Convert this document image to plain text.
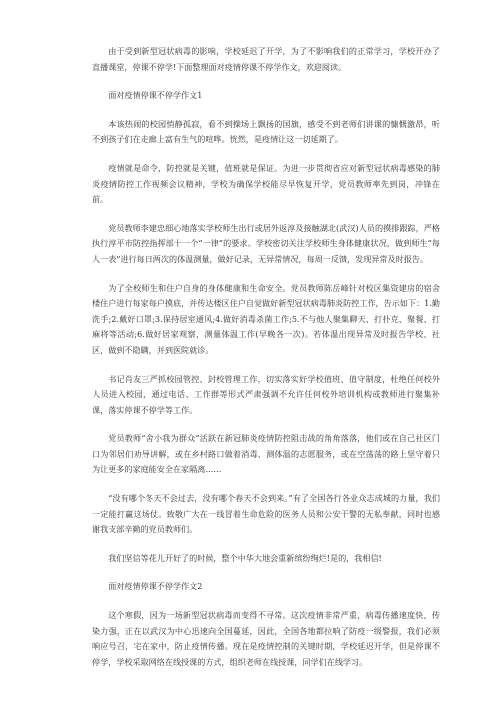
由于受到新型冠状病毒的影响，学校延迟了开学，为了不影响我们的正常学习，学校开办了直播课堂，停课不停学!下面整理面对疫情停课不停学作文，欢迎阅读。

面对疫情停课不停学作文1

本该热闹的校园悄静孤寂，看不到操场上飘扬的国旗，感受不到老师们讲课的慷慨激昂，听不到孩子们在走廊上富有生气的喧哗。恍然，是疫情让这一切延期了。

疫情就是命令，防控就是关键，值班就是保证。为进一步贯彻省应对新型冠状病毒感染的肺炎疫情防控工作视频会议精神，学校为确保学校能尽早恢复开学，党员教师率先到岗，冲锋在前。

党员教师李建忠细心地落实学校师生出行或居外返淳及接触湖北(武汉)人员的摸排跟踪，严格执行淳平市防控指挥部十一个“一律”的要求。学校密切关注学校师生身体健康状况，做到师生“每人一表”进行每日两次的体温测量，做好记录，无异常情况，每周一反馈，发现异常及时报告。

为了全校师生和住户自身的身体健康和生命安全。党员教师陈岳峰针对校区集资建房的宿舍楼住户进行每家每户摸底，并传达楼区住户自觉做好新型冠状病毒肺炎防控工作，告示如下：1.勤洗手;2.戴好口罩;3.保持居室通风;4.做好消毒杀菌工作;5.不与他人聚集聊天、打扑克、聚餐、打麻将等活动;6.做好居家观察，测量体温工作(早晚各一次)。若体温出现异常及时报告学校、社区，做到不隐瞒，并到医院就诊。

书记肖友三严抓校园管控、封校管理工作，切实落实好学校值班、值守制度，杜绝任何校外人员进入校园，通过电话、工作群等形式严肃强调不允许任何校外培训机构或教师进行聚集补课，落实停课不停学等工作。

党员教师“舍小我为群众”活跃在新冠肺炎疫情防控阻击战的角角落落，他们或在自己社区门口为邻居们劝导讲解，或在乡村路口做着消毒、测体温的志愿服务，或在空荡荡的路上坚守着只为让更多的家庭能安全在家隔离……

“没有哪个冬天不会过去，没有哪个春天不会到来。”有了全国各行各业众志成城的力量，我们一定能打赢这场仗。致敬广大在一线冒着生命危险的医务人员和公安干警的无私奉献，同时也感谢我支部辛勤的党员教师们。

我们坚信等花儿开好了的时候，整个中华大地会重新缤纷绚烂!是的，我相信!

面对疫情停课不停学作文2

这个寒假，因为一场新型冠状病毒而变得不寻常。这次疫情非常严重，病毒传播速度快，传染力强，正在以武汉为中心迅速向全国蔓延，因此，全国各地都拉响了防疫一级警报，我们必须响应号召，宅在家中，防止疫情传播。现在是疫情控制的关键时期，学校延迟开学，但是停课不停学，学校采取网络在线授课的方式，组织老师在线授课，同学们在线学习。
